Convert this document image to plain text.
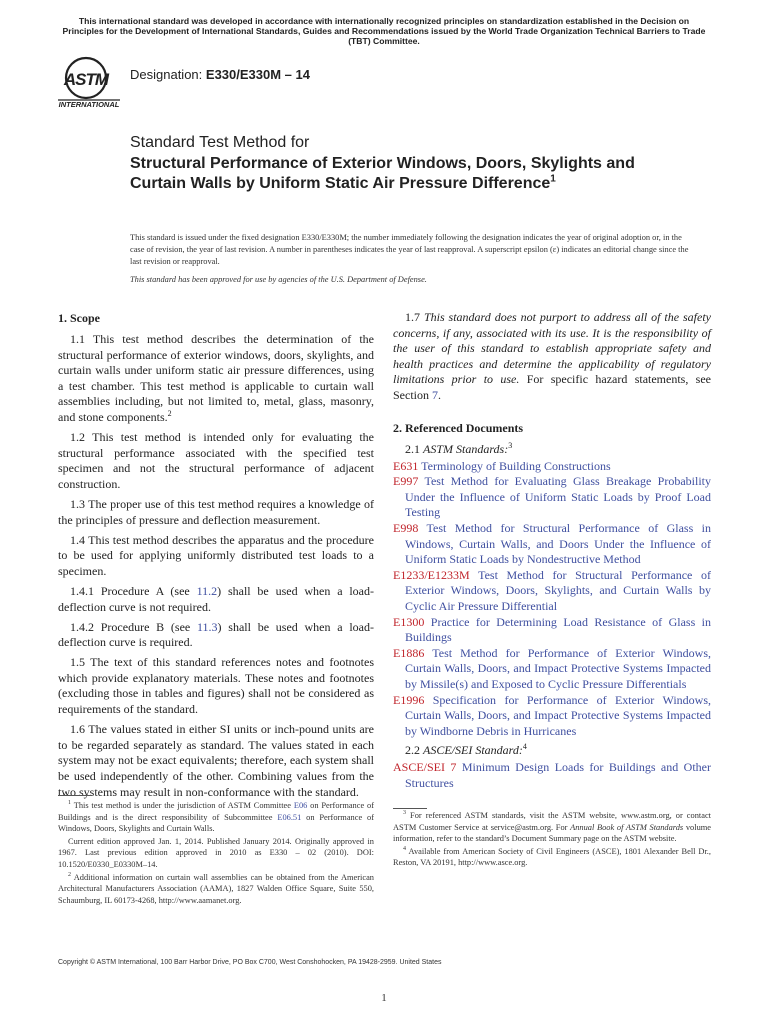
This international standard was developed in accordance with internationally recognized principles on standardization established in the Decision on Principles for the Development of International Standards, Guides and Recommendations issued by the World Trade Organization Technical Barriers to Trade (TBT) Committee.
ASTM
INTERNATIONAL
Designation: E330/E330M – 14
Standard Test Method for
Structural Performance of Exterior Windows, Doors, Skylights and Curtain Walls by Uniform Static Air Pressure Difference$^1$
This standard is issued under the fixed designation E330/E330M; the number immediately following the designation indicates the year of original adoption or, in the case of revision, the year of last revision. A number in parentheses indicates the year of last reapproval. A superscript epsilon (ε) indicates an editorial change since the last revision or reapproval.
This standard has been approved for use by agencies of the U.S. Department of Defense.
1. Scope

1.1 This test method describes the determination of the structural performance of exterior windows, doors, skylights, and curtain walls under uniform static air pressure differences, using a test chamber. This test method is applicable to curtain wall assemblies including, but not limited to, metal, glass, masonry, and stone components.$^2$

1.2 This test method is intended only for evaluating the structural performance associated with the specified test specimen and not the structural performance of adjacent construction.

1.3 The proper use of this test method requires a knowledge of the principles of pressure and deflection measurement.

1.4 This test method describes the apparatus and the procedure to be used for applying uniformly distributed test loads to a specimen.

1.4.1 Procedure A (see 11.2) shall be used when a load-deflection curve is not required.

1.4.2 Procedure B (see 11.3) shall be used when a load-deflection curve is required.

1.5 The text of this standard references notes and footnotes which provide explanatory materials. These notes and footnotes (excluding those in tables and figures) shall not be considered as requirements of the standard.

1.6 The values stated in either SI units or inch-pound units are to be regarded separately as standard. The values stated in each system may not be exact equivalents; therefore, each system shall be used independently of the other. Combining values from the two systems may result in non-conformance with the standard.

1.7 This standard does not purport to address all of the safety concerns, if any, associated with its use. It is the responsibility of the user of this standard to establish appropriate safety and health practices and determine the applicability of regulatory limitations prior to use. For specific hazard statements, see Section 7.

2. Referenced Documents

2.1 ASTM Standards:$^3$

E631 Terminology of Building Constructions

E997 Test Method for Evaluating Glass Breakage Probability Under the Influence of Uniform Static Loads by Proof Load Testing

E998 Test Method for Structural Performance of Glass in Windows, Curtain Walls, and Doors Under the Influence of Uniform Static Loads by Nondestructive Method

E1233/E1233M Test Method for Structural Performance of Exterior Windows, Doors, Skylights, and Curtain Walls by Cyclic Air Pressure Differential

E1300 Practice for Determining Load Resistance of Glass in Buildings

E1886 Test Method for Performance of Exterior Windows, Curtain Walls, Doors, and Impact Protective Systems Impacted by Missile(s) and Exposed to Cyclic Pressure Differentials

E1996 Specification for Performance of Exterior Windows, Curtain Walls, Doors, and Impact Protective Systems Impacted by Windborne Debris in Hurricanes

2.2 ASCE/SEI Standard:$^4$

ASCE/SEI 7 Minimum Design Loads for Buildings and Other Structures

$^1$ This test method is under the jurisdiction of ASTM Committee E06 on Performance of Buildings and is the direct responsibility of Subcommittee E06.51 on Performance of Windows, Doors, Skylights and Curtain Walls.

Current edition approved Jan. 1, 2014. Published January 2014. Originally approved in 1967. Last previous edition approved in 2010 as E330 – 02 (2010). DOI: 10.1520/E0330_E0330M–14.

$^2$ Additional information on curtain wall assemblies can be obtained from the American Architectural Manufacturers Association (AAMA), 1827 Walden Office Square, Suite 550, Schaumburg, IL 60173-4268, http://www.aamanet.org.

$^3$ For referenced ASTM standards, visit the ASTM website, www.astm.org, or contact ASTM Customer Service at service@astm.org. For Annual Book of ASTM Standards volume information, refer to the standard’s Document Summary page on the ASTM website.

$^4$ Available from American Society of Civil Engineers (ASCE), 1801 Alexander Bell Dr., Reston, VA 20191, http://www.asce.org.

Copyright © ASTM International, 100 Barr Harbor Drive, PO Box C700, West Conshohocken, PA 19428-2959. United States
1
